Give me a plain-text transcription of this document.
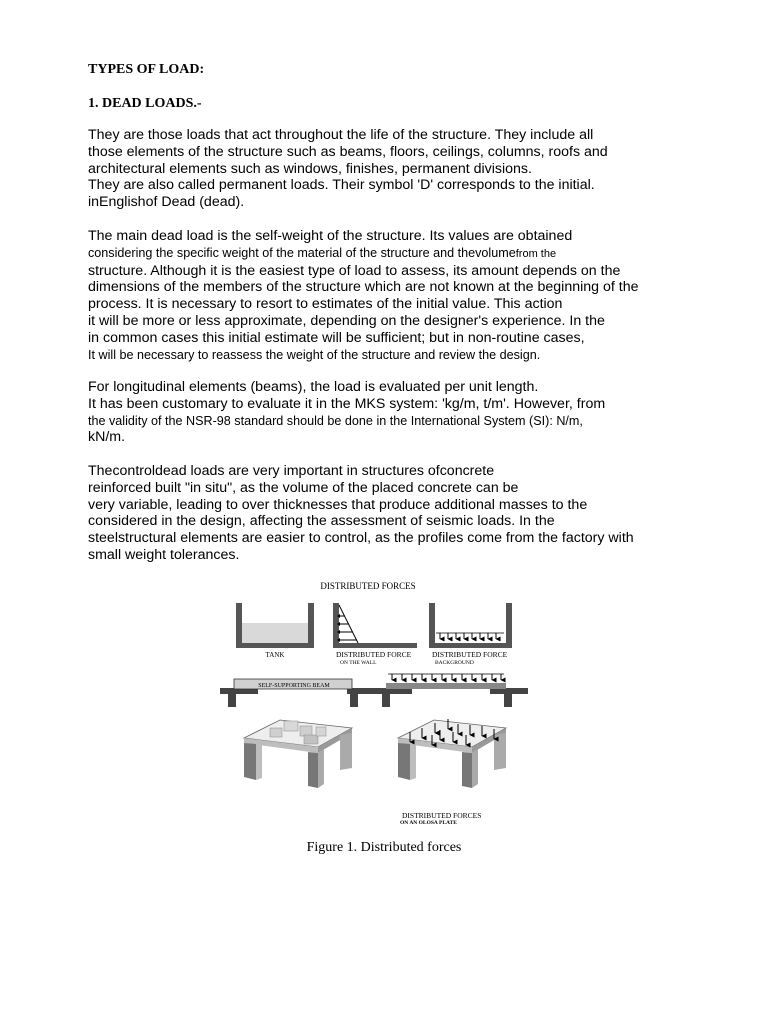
TYPES OF LOAD:

1. DEAD LOADS.-

They are those loads that act throughout the life of the structure. They include all
those elements of the structure such as beams, floors, ceilings, columns, roofs and
architectural elements such as windows, finishes, permanent divisions.
They are also called permanent loads. Their symbol 'D' corresponds to the initial.
inEnglishof Dead (dead).
The main dead load is the self-weight of the structure. Its values are obtained
considering the specific weight of the material of the structure and thevolumefrom the
structure. Although it is the easiest type of load to assess, its amount depends on the
dimensions of the members of the structure which are not known at the beginning of the
process. It is necessary to resort to estimates of the initial value. This action
it will be more or less approximate, depending on the designer's experience. In the
in common cases this initial estimate will be sufficient; but in non-routine cases,
It will be necessary to reassess the weight of the structure and review the design.
For longitudinal elements (beams), the load is evaluated per unit length.
It has been customary to evaluate it in the MKS system: 'kg/m, t/m'. However, from
the validity of the NSR-98 standard should be done in the International System (SI): N/m,
kN/m.
Thecontroldead loads are very important in structures ofconcrete
reinforced built "in situ", as the volume of the placed concrete can be
very variable, leading to over thicknesses that produce additional masses to the
considered in the design, affecting the assessment of seismic loads. In the
steelstructural elements are easier to control, as the profiles come from the factory with
small weight tolerances.
DISTRIBUTED FORCES
TANK	DISTRIBUTED FORCE
ON THE WALL
DISTRIBUTED FORCE
BACKGROUND
SELF-SUPPORTING BEAM
DISTRIBUTED FORCES
ON AN OLOSA PLATE
Figure 1. Distributed forces
